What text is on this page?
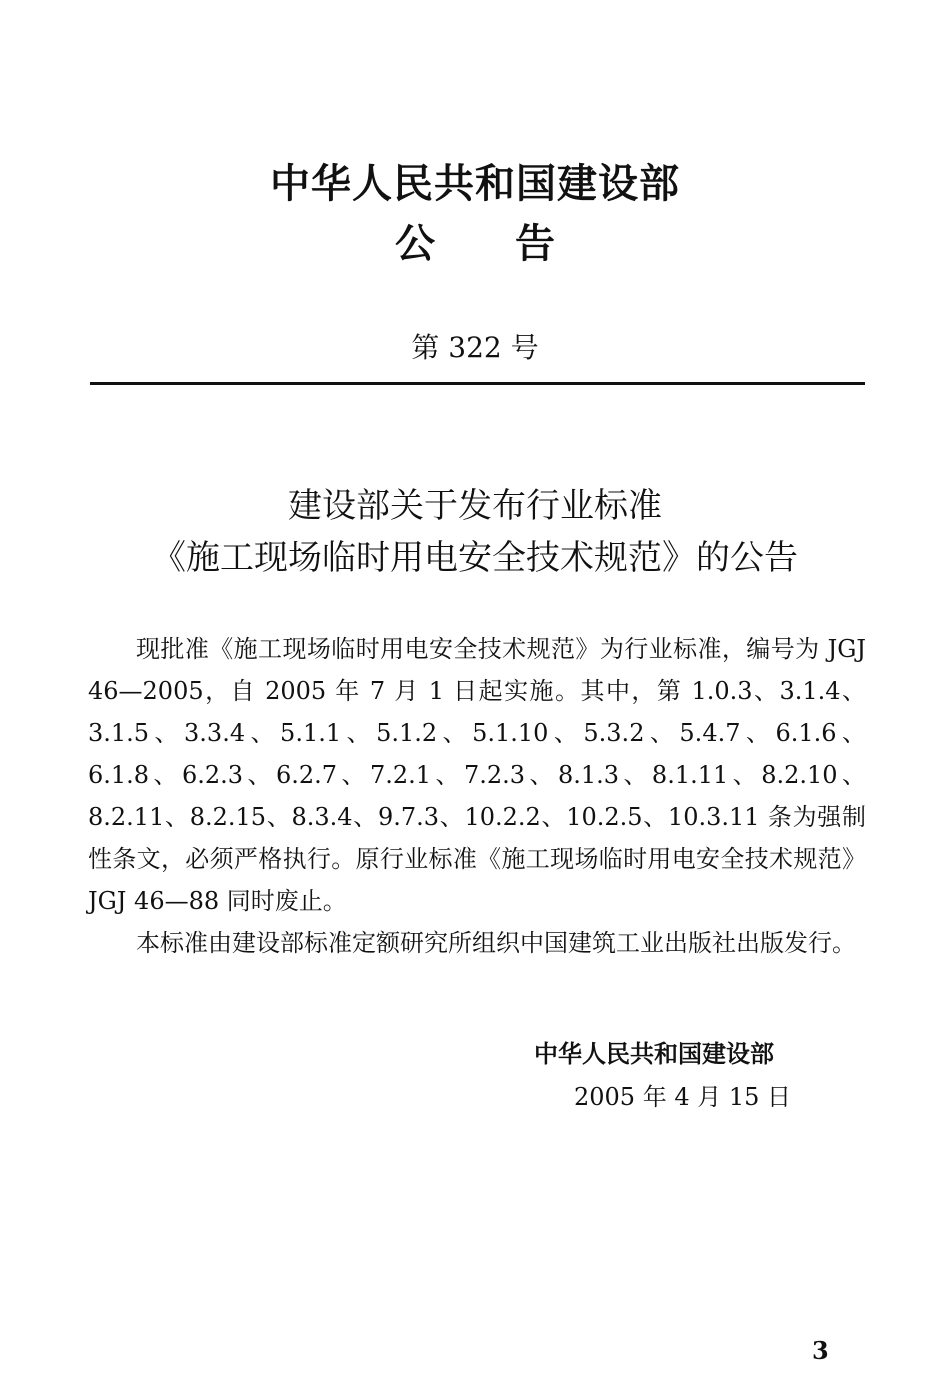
中华人民共和国建设部
公告
第 322 号
建设部关于发布行业标准
《施工现场临时用电安全技术规范》的公告

现批准《施工现场临时用电安全技术规范》为行业标准，编号为 JGJ 46—2005，自 2005 年 7 月 1 日起实施。其中，第 1.0.3、3.1.4、3.1.5、3.3.4、5.1.1、5.1.2、5.1.10、5.3.2、5.4.7、6.1.6、6.1.8、6.2.3、6.2.7、7.2.1、7.2.3、8.1.3、8.1.11、8.2.10、8.2.11、8.2.15、8.3.4、9.7.3、10.2.2、10.2.5、10.3.11 条为强制性条文，必须严格执行。原行业标准《施工现场临时用电安全技术规范》JGJ 46—88 同时废止。

本标准由建设部标准定额研究所组织中国建筑工业出版社出版发行。

中华人民共和国建设部
2005 年 4 月 15 日
3
